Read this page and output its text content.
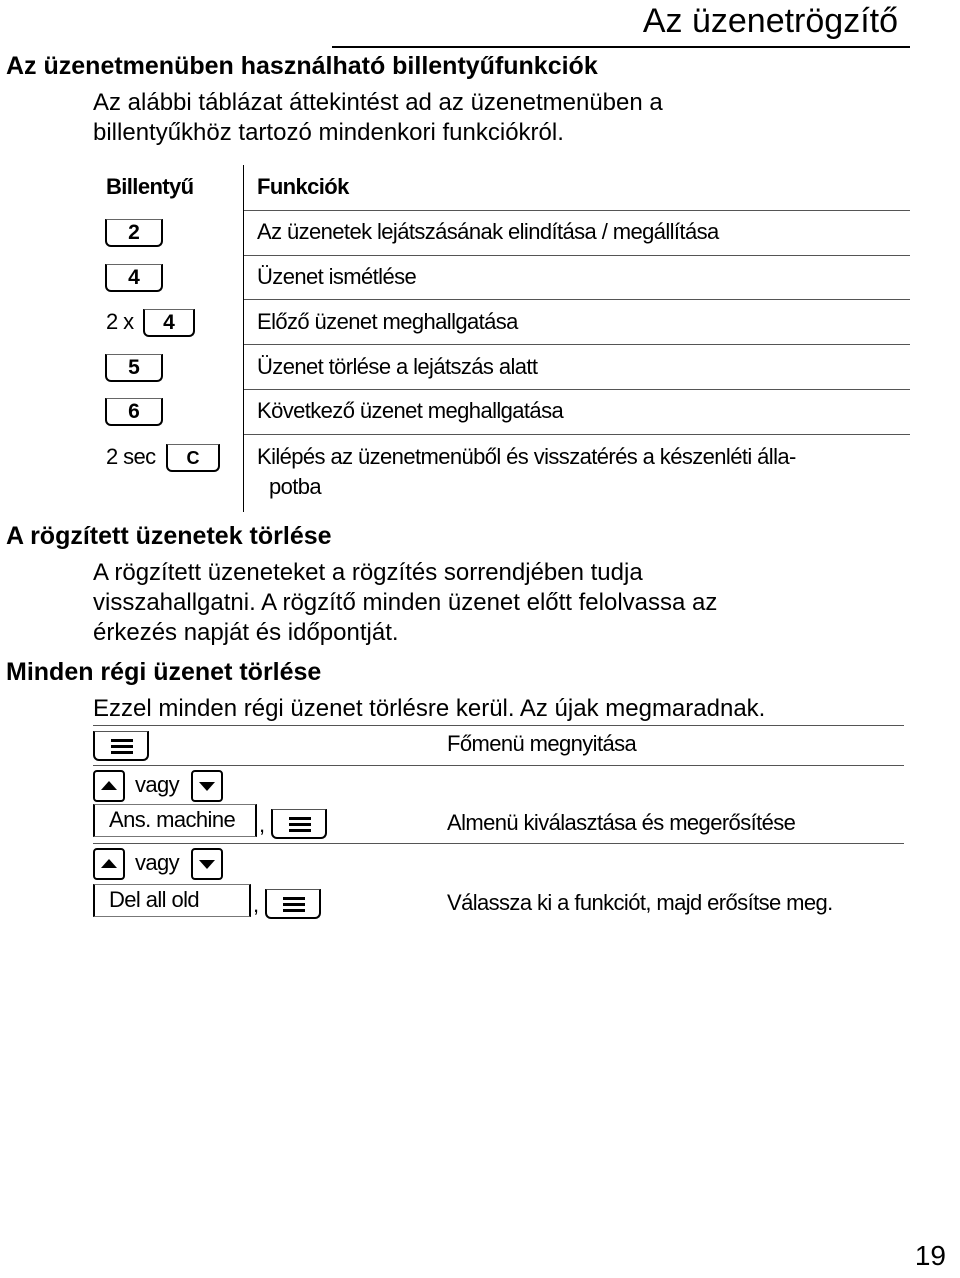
Az üzenetrögzítő
Az üzenetmenüben használható billentyűfunkciók
Az alábbi táblázat áttekintést ad az üzenetmenüben a
billentyűkhöz tartozó mindenkori funkciókról.
Billentyű	Funkciók
2	Az üzenetek lejátszásának elindítása / megállítása
4	Üzenet ismétlése
2 x	4	Előző üzenet meghallgatása
5	Üzenet törlése a lejátszás alatt
6	Következő üzenet meghallgatása
2 sec	C	Kilépés az üzenetmenüből és visszatérés a készenléti álla-
potba
A rögzített üzenetek törlése
A rögzített üzeneteket a rögzítés sorrendjében tudja
visszahallgatni. A rögzítő minden üzenet előtt felolvassa az
érkezés napját és időpontját.
Minden régi üzenet törlése
Ezzel minden régi üzenet törlésre kerül. Az újak megmaradnak.
Főmenü megnyitása
vagy
Ans. machine	,	Almenü kiválasztása és megerősítése
vagy
Del all old	,	Válassza ki a funkciót, majd erősítse meg.
19
